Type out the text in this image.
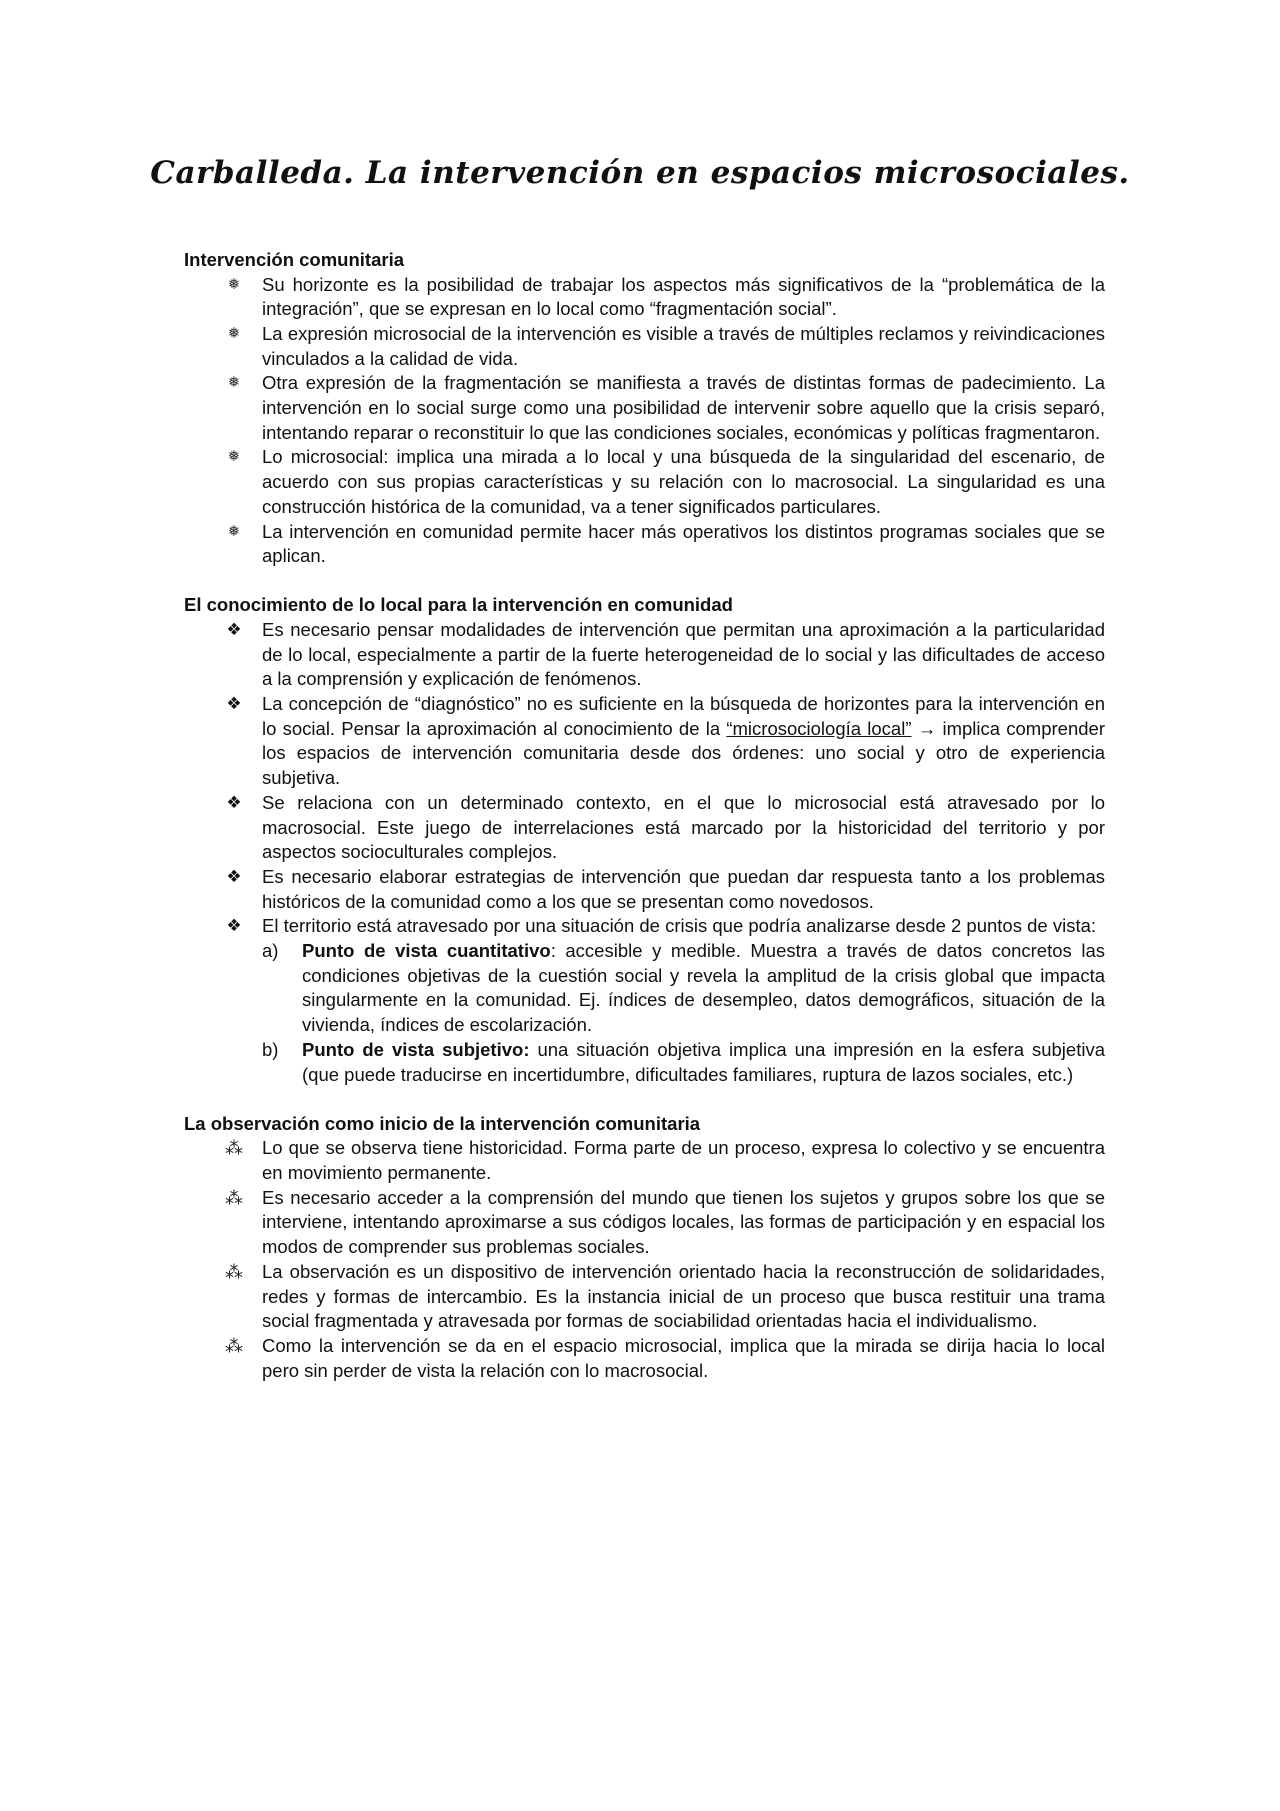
Carballeda. La intervención en espacios microsociales.

Intervención comunitaria

❅	Su horizonte es la posibilidad de trabajar los aspectos más significativos de la “problemática de la integración”, que se expresan en lo local como “fragmentación social”.
❅	La expresión microsocial de la intervención es visible a través de múltiples reclamos y reivindicaciones vinculados a la calidad de vida.
❅	Otra expresión de la fragmentación se manifiesta a través de distintas formas de padecimiento. La intervención en lo social surge como una posibilidad de intervenir sobre aquello que la crisis separó, intentando reparar o reconstituir lo que las condiciones sociales, económicas y políticas fragmentaron.
❅	Lo microsocial: implica una mirada a lo local y una búsqueda de la singularidad del escenario, de acuerdo con sus propias características y su relación con lo macrosocial. La singularidad es una construcción histórica de la comunidad, va a tener significados particulares.
❅	La intervención en comunidad permite hacer más operativos los distintos programas sociales que se aplican.

El conocimiento de lo local para la intervención en comunidad

❖ Es necesario pensar modalidades de intervención que permitan una aproximación a la particularidad de lo local, especialmente a partir de la fuerte heterogeneidad de lo social y las dificultades de acceso a la comprensión y explicación de fenómenos.
❖ La concepción de “diagnóstico” no es suficiente en la búsqueda de horizontes para la intervención en lo social. Pensar la aproximación al conocimiento de la “microsociología local” → implica comprender los espacios de intervención comunitaria desde dos órdenes: uno social y otro de experiencia subjetiva.
❖ Se relaciona con un determinado contexto, en el que lo microsocial está atravesado por lo macrosocial. Este juego de interrelaciones está marcado por la historicidad del territorio y por aspectos socioculturales complejos.
❖ Es necesario elaborar estrategias de intervención que puedan dar respuesta tanto a los problemas históricos de la comunidad como a los que se presentan como novedosos.
❖ El territorio está atravesado por una situación de crisis que podría analizarse desde 2 puntos de vista:
a) Punto de vista cuantitativo: accesible y medible. Muestra a través de datos concretos las condiciones objetivas de la cuestión social y revela la amplitud de la crisis global que impacta singularmente en la comunidad. Ej. índices de desempleo, datos demográficos, situación de la vivienda, índices de escolarización.
b) Punto de vista subjetivo: una situación objetiva implica una impresión en la esfera subjetiva (que puede traducirse en incertidumbre, dificultades familiares, ruptura de lazos sociales, etc.)

La observación como inicio de la intervención comunitaria

⁂ Lo que se observa tiene historicidad. Forma parte de un proceso, expresa lo colectivo y se encuentra en movimiento permanente.
⁂ Es necesario acceder a la comprensión del mundo que tienen los sujetos y grupos sobre los que se interviene, intentando aproximarse a sus códigos locales, las formas de participación y en espacial los modos de comprender sus problemas sociales.
⁂ La observación es un dispositivo de intervención orientado hacia la reconstrucción de solidaridades, redes y formas de intercambio. Es la instancia inicial de un proceso que busca restituir una trama social fragmentada y atravesada por formas de sociabilidad orientadas hacia el individualismo.
⁂ Como la intervención se da en el espacio microsocial, implica que la mirada se dirija hacia lo local pero sin perder de vista la relación con lo macrosocial.
